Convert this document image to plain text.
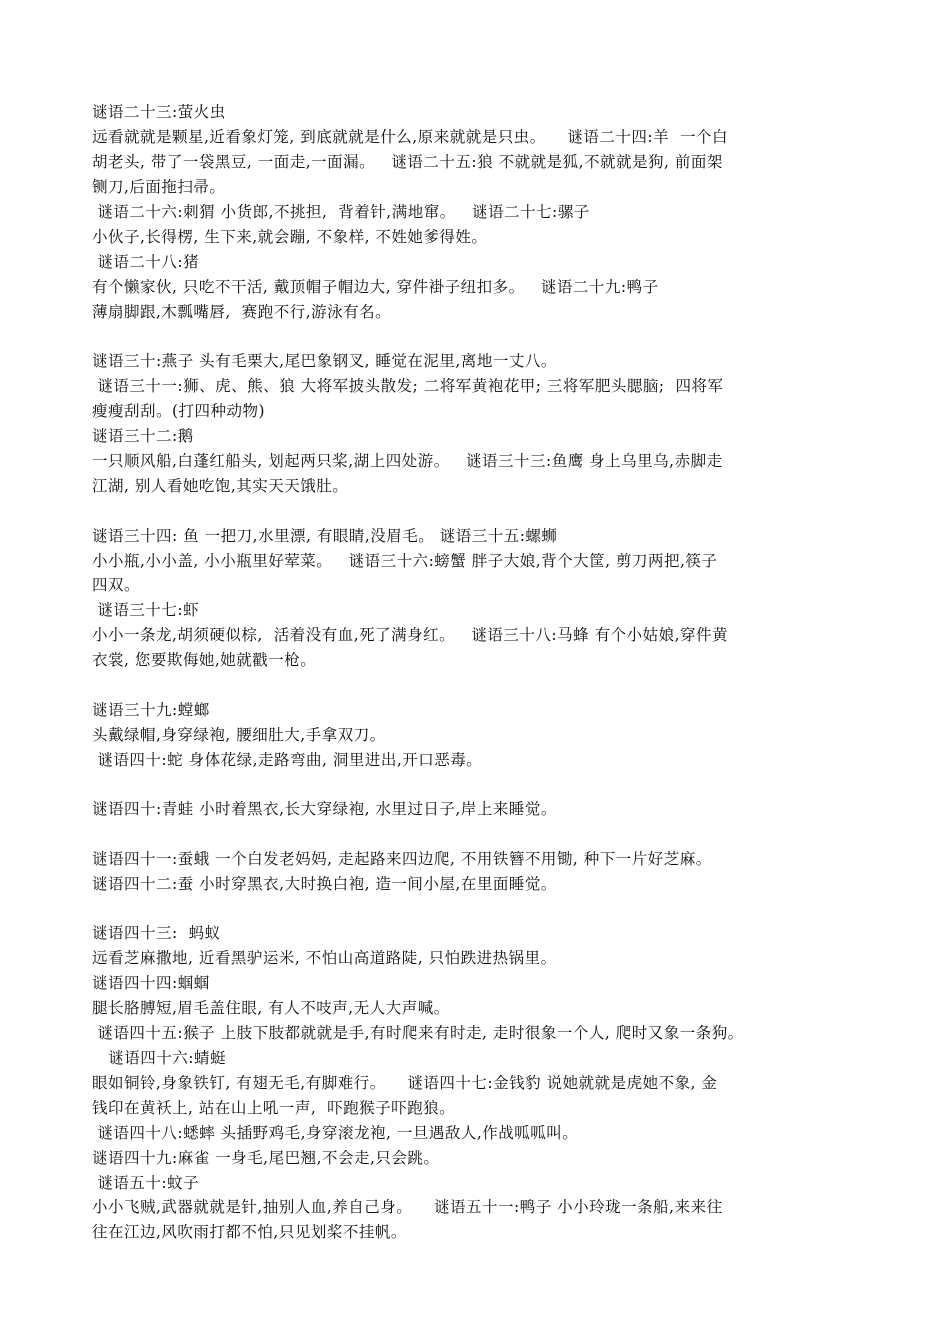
谜语二十三:萤火虫
远看就就是颗星,近看象灯笼, 到底就就是什么,原来就就是只虫。    谜语二十四:羊  一个白
胡老头, 带了一袋黑豆, 一面走,一面漏。   谜语二十五:狼 不就就是狐,不就就是狗, 前面架
铡刀,后面拖扫帚。
谜语二十六:刺猬 小货郎,不挑担,  背着针,满地窜。   谜语二十七:骡子
小伙子,长得楞, 生下来,就会蹦, 不象样, 不姓她爹得姓。
谜语二十八:猪
有个懒家伙, 只吃不干活, 戴顶帽子帽边大, 穿件褂子纽扣多。   谜语二十九:鸭子
薄扇脚跟,木瓢嘴唇,  赛跑不行,游泳有名。
谜语三十:燕子 头有毛栗大,尾巴象钢叉, 睡觉在泥里,离地一丈八。
谜语三十一:狮、虎、熊、狼 大将军披头散发; 二将军黄袍花甲; 三将军肥头腮脑;  四将军
瘦瘦刮刮。(打四种动物)
谜语三十二:鹅
一只顺风船,白蓬红船头, 划起两只桨,湖上四处游。   谜语三十三:鱼鹰 身上乌里乌,赤脚走
江湖, 别人看她吃饱,其实天天饿肚。
谜语三十四: 鱼 一把刀,水里漂, 有眼睛,没眉毛。 谜语三十五:螺蛳
小小瓶,小小盖, 小小瓶里好荤菜。   谜语三十六:螃蟹 胖子大娘,背个大筐, 剪刀两把,筷子
四双。
谜语三十七:虾
小小一条龙,胡须硬似棕,  活着没有血,死了满身红。   谜语三十八:马蜂 有个小姑娘,穿件黄
衣裳, 您要欺侮她,她就戳一枪。
谜语三十九:螳螂
头戴绿帽,身穿绿袍, 腰细肚大,手拿双刀。
谜语四十:蛇 身体花绿,走路弯曲, 洞里进出,开口恶毒。
谜语四十:青蛙 小时着黑衣,长大穿绿袍, 水里过日子,岸上来睡觉。
谜语四十一:蚕蛾 一个白发老妈妈, 走起路来四边爬, 不用铁簪不用锄, 种下一片好芝麻。
谜语四十二:蚕 小时穿黑衣,大时换白袍, 造一间小屋,在里面睡觉。
谜语四十三:  蚂蚁
远看芝麻撒地, 近看黑驴运米, 不怕山高道路陡, 只怕跌进热锅里。
谜语四十四:蝈蝈
腿长胳膊短,眉毛盖住眼, 有人不吱声,无人大声喊。
谜语四十五:猴子 上肢下肢都就就是手,有时爬来有时走, 走时很象一个人, 爬时又象一条狗。
谜语四十六:蜻蜓
眼如铜铃,身象铁钉, 有翅无毛,有脚难行。    谜语四十七:金钱豹 说她就就是虎她不象, 金
钱印在黄袄上, 站在山上吼一声,  吓跑猴子吓跑狼。
谜语四十八:蟋蟀 头插野鸡毛,身穿滚龙袍, 一旦遇敌人,作战呱呱叫。
谜语四十九:麻雀 一身毛,尾巴翘,不会走,只会跳。
谜语五十:蚊子
小小飞贼,武器就就是针,抽别人血,养自己身。    谜语五十一:鸭子 小小玲珑一条船,来来往
往在江边,风吹雨打都不怕,只见划桨不挂帆。
